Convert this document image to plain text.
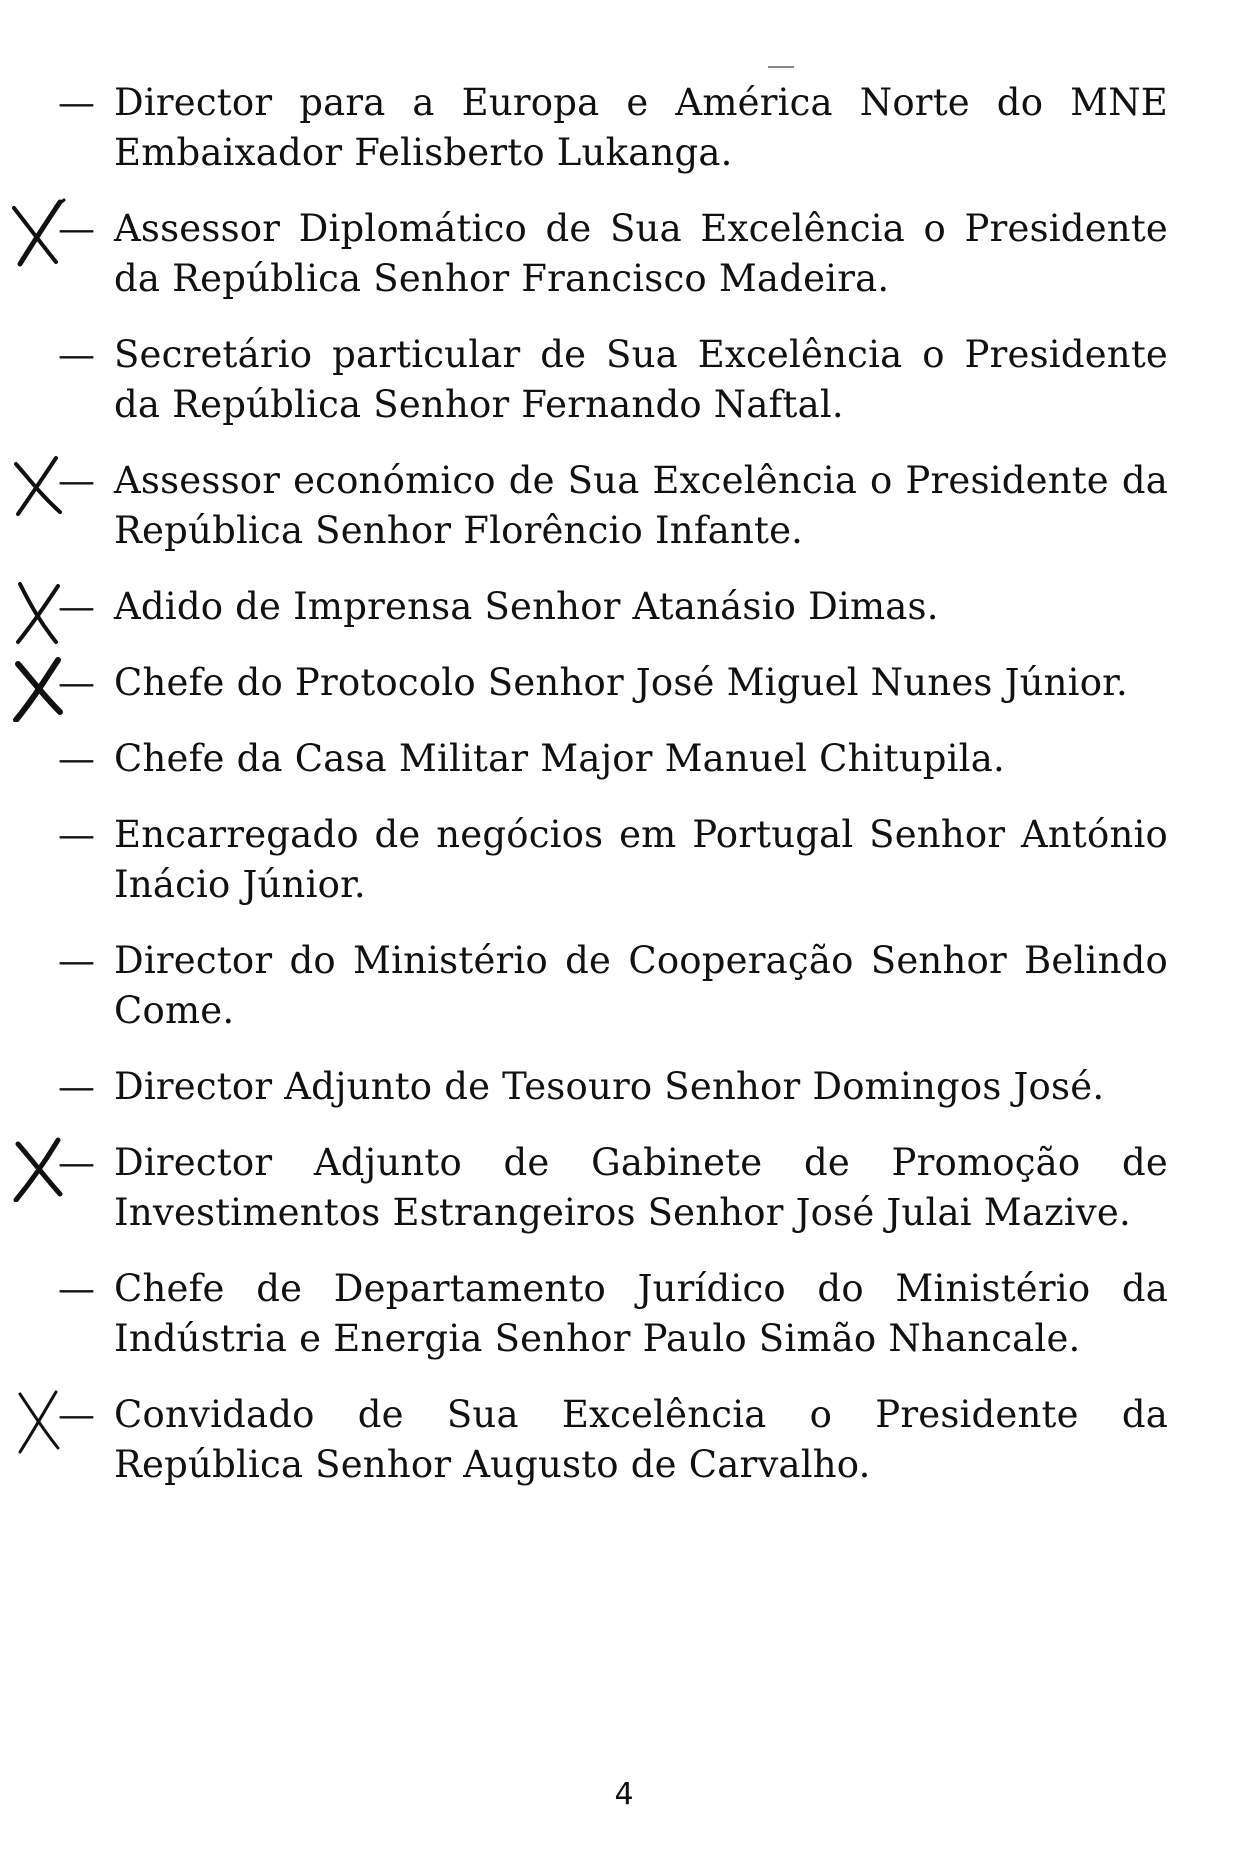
— Director para a Europa e América Norte do MNE Embaixador Felisberto Lukanga.
— Assessor Diplomático de Sua Excelência o Presidente da República Senhor Francisco Madeira.
— Secretário particular de Sua Excelência o Presidente da República Senhor Fernando Naftal.
— Assessor económico de Sua Excelência o Presidente da República Senhor Florêncio Infante.
— Adido de Imprensa Senhor Atanásio Dimas.
— Chefe do Protocolo Senhor José Miguel Nunes Júnior.
— Chefe da Casa Militar Major Manuel Chitupila.
— Encarregado de negócios em Portugal Senhor António Inácio Júnior.
— Director do Ministério de Cooperação Senhor Belindo Come.
— Director Adjunto de Tesouro Senhor Domingos José.
— Director Adjunto de Gabinete de Promoção de Investimentos Estrangeiros Senhor José Julai Mazive.
— Chefe de Departamento Jurídico do Ministério da Indústria e Energia Senhor Paulo Simão Nhancale.
— Convidado de Sua Excelência o Presidente da República Senhor Augusto de Carvalho.
4
